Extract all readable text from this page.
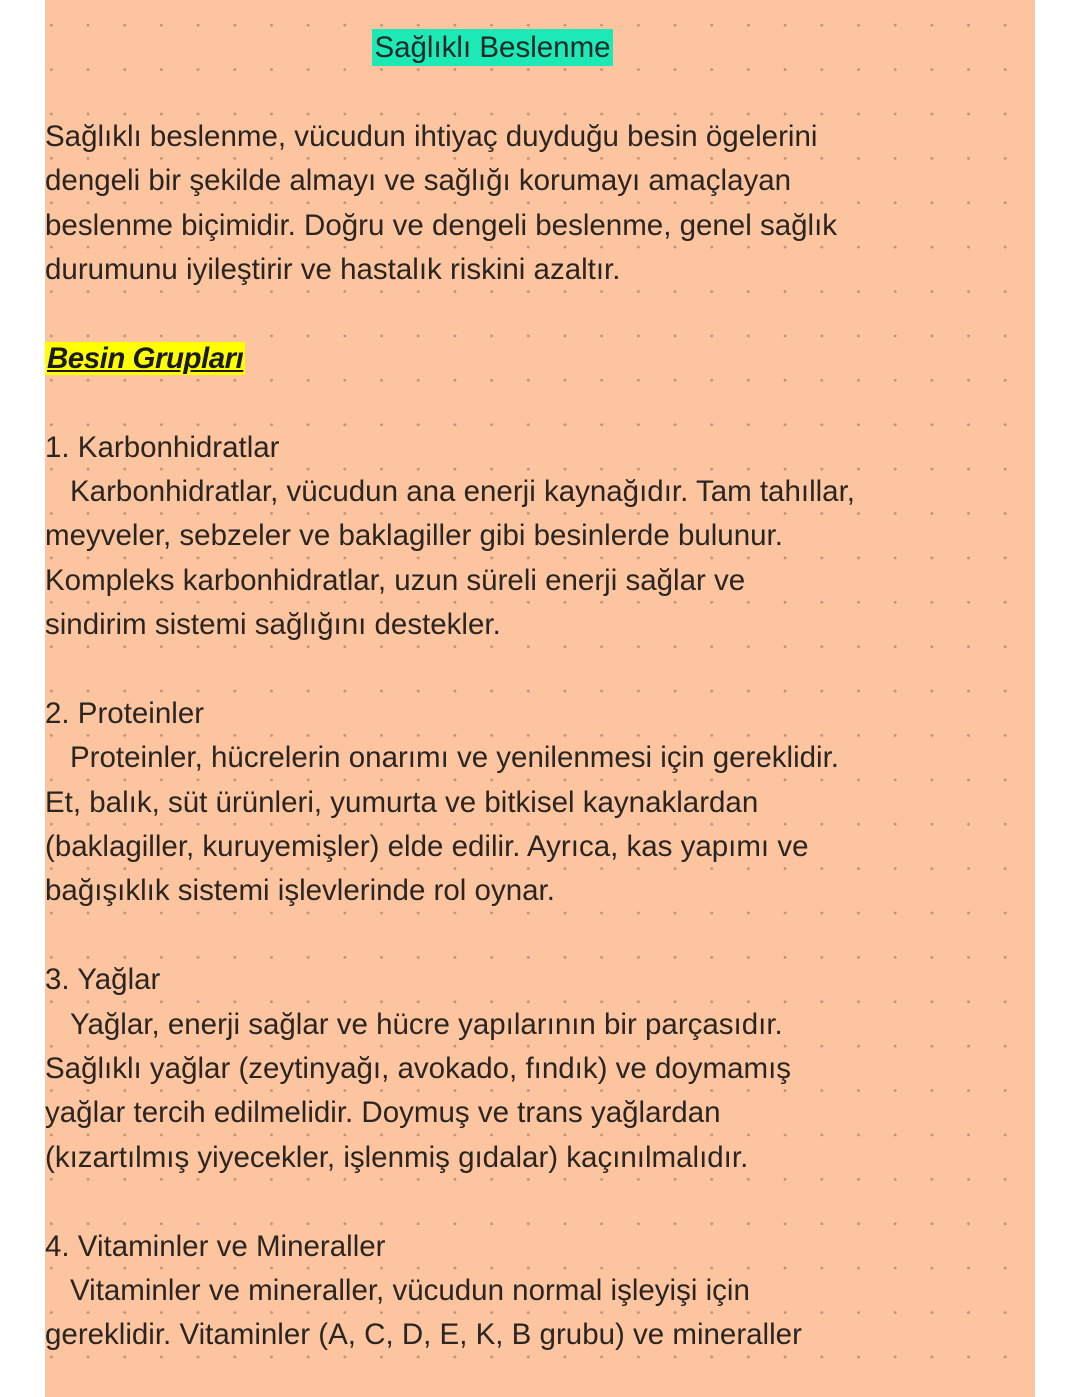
Sağlıklı Beslenme
Sağlıklı beslenme, vücudun ihtiyaç duyduğu besin ögelerini
dengeli bir şekilde almayı ve sağlığı korumayı amaçlayan
beslenme biçimidir. Doğru ve dengeli beslenme, genel sağlık
durumunu iyileştirir ve hastalık riskini azaltır.
Besin Grupları
1. Karbonhidratlar
Karbonhidratlar, vücudun ana enerji kaynağıdır. Tam tahıllar,
meyveler, sebzeler ve baklagiller gibi besinlerde bulunur.
Kompleks karbonhidratlar, uzun süreli enerji sağlar ve
sindirim sistemi sağlığını destekler.
2. Proteinler
Proteinler, hücrelerin onarımı ve yenilenmesi için gereklidir.
Et, balık, süt ürünleri, yumurta ve bitkisel kaynaklardan
(baklagiller, kuruyemişler) elde edilir. Ayrıca, kas yapımı ve
bağışıklık sistemi işlevlerinde rol oynar.
3. Yağlar
Yağlar, enerji sağlar ve hücre yapılarının bir parçasıdır.
Sağlıklı yağlar (zeytinyağı, avokado, fındık) ve doymamış
yağlar tercih edilmelidir. Doymuş ve trans yağlardan
(kızartılmış yiyecekler, işlenmiş gıdalar) kaçınılmalıdır.
4. Vitaminler ve Mineraller
Vitaminler ve mineraller, vücudun normal işleyişi için
gereklidir. Vitaminler (A, C, D, E, K, B grubu) ve mineraller
